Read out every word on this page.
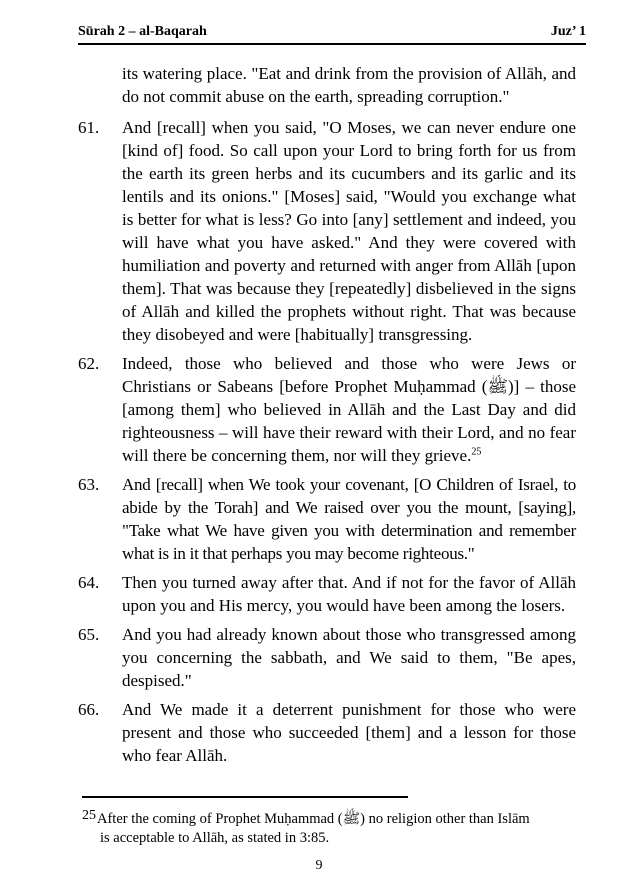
Sūrah 2 – al-Baqarah	Juz’ 1
its watering place. "Eat and drink from the provision of Allāh, and do not commit abuse on the earth, spreading corruption."
61.	And [recall] when you said, "O Moses, we can never endure one [kind of] food. So call upon your Lord to bring forth for us from the earth its green herbs and its cucumbers and its garlic and its lentils and its onions." [Moses] said, "Would you exchange what is better for what is less? Go into [any] settlement and indeed, you will have what you have asked." And they were covered with humiliation and poverty and returned with anger from Allāh [upon them]. That was because they [repeatedly] disbelieved in the signs of Allāh and killed the prophets without right. That was because they disobeyed and were [habitually] transgressing.
62.	Indeed, those who believed and those who were Jews or Christians or Sabeans [before Prophet Muḥammad (ﷺ)] – those [among them] who believed in Allāh and the Last Day and did righteousness – will have their reward with their Lord, and no fear will there be concerning them, nor will they grieve.$^{25}$
63.	And [recall] when We took your covenant, [O Children of Israel, to abide by the Torah] and We raised over you the mount, [saying], "Take what We have given you with determination and remember what is in it that perhaps you may become righteous."
64.	Then you turned away after that. And if not for the favor of Allāh upon you and His mercy, you would have been among the losers.
65.	And you had already known about those who transgressed among you concerning the sabbath, and We said to them, "Be apes, despised."
66.	And We made it a deterrent punishment for those who were present and those who succeeded [them] and a lesson for those who fear Allāh.
25After the coming of Prophet Muḥammad (ﷺ) no religion other than Islām
is acceptable to Allāh, as stated in 3:85.
9
